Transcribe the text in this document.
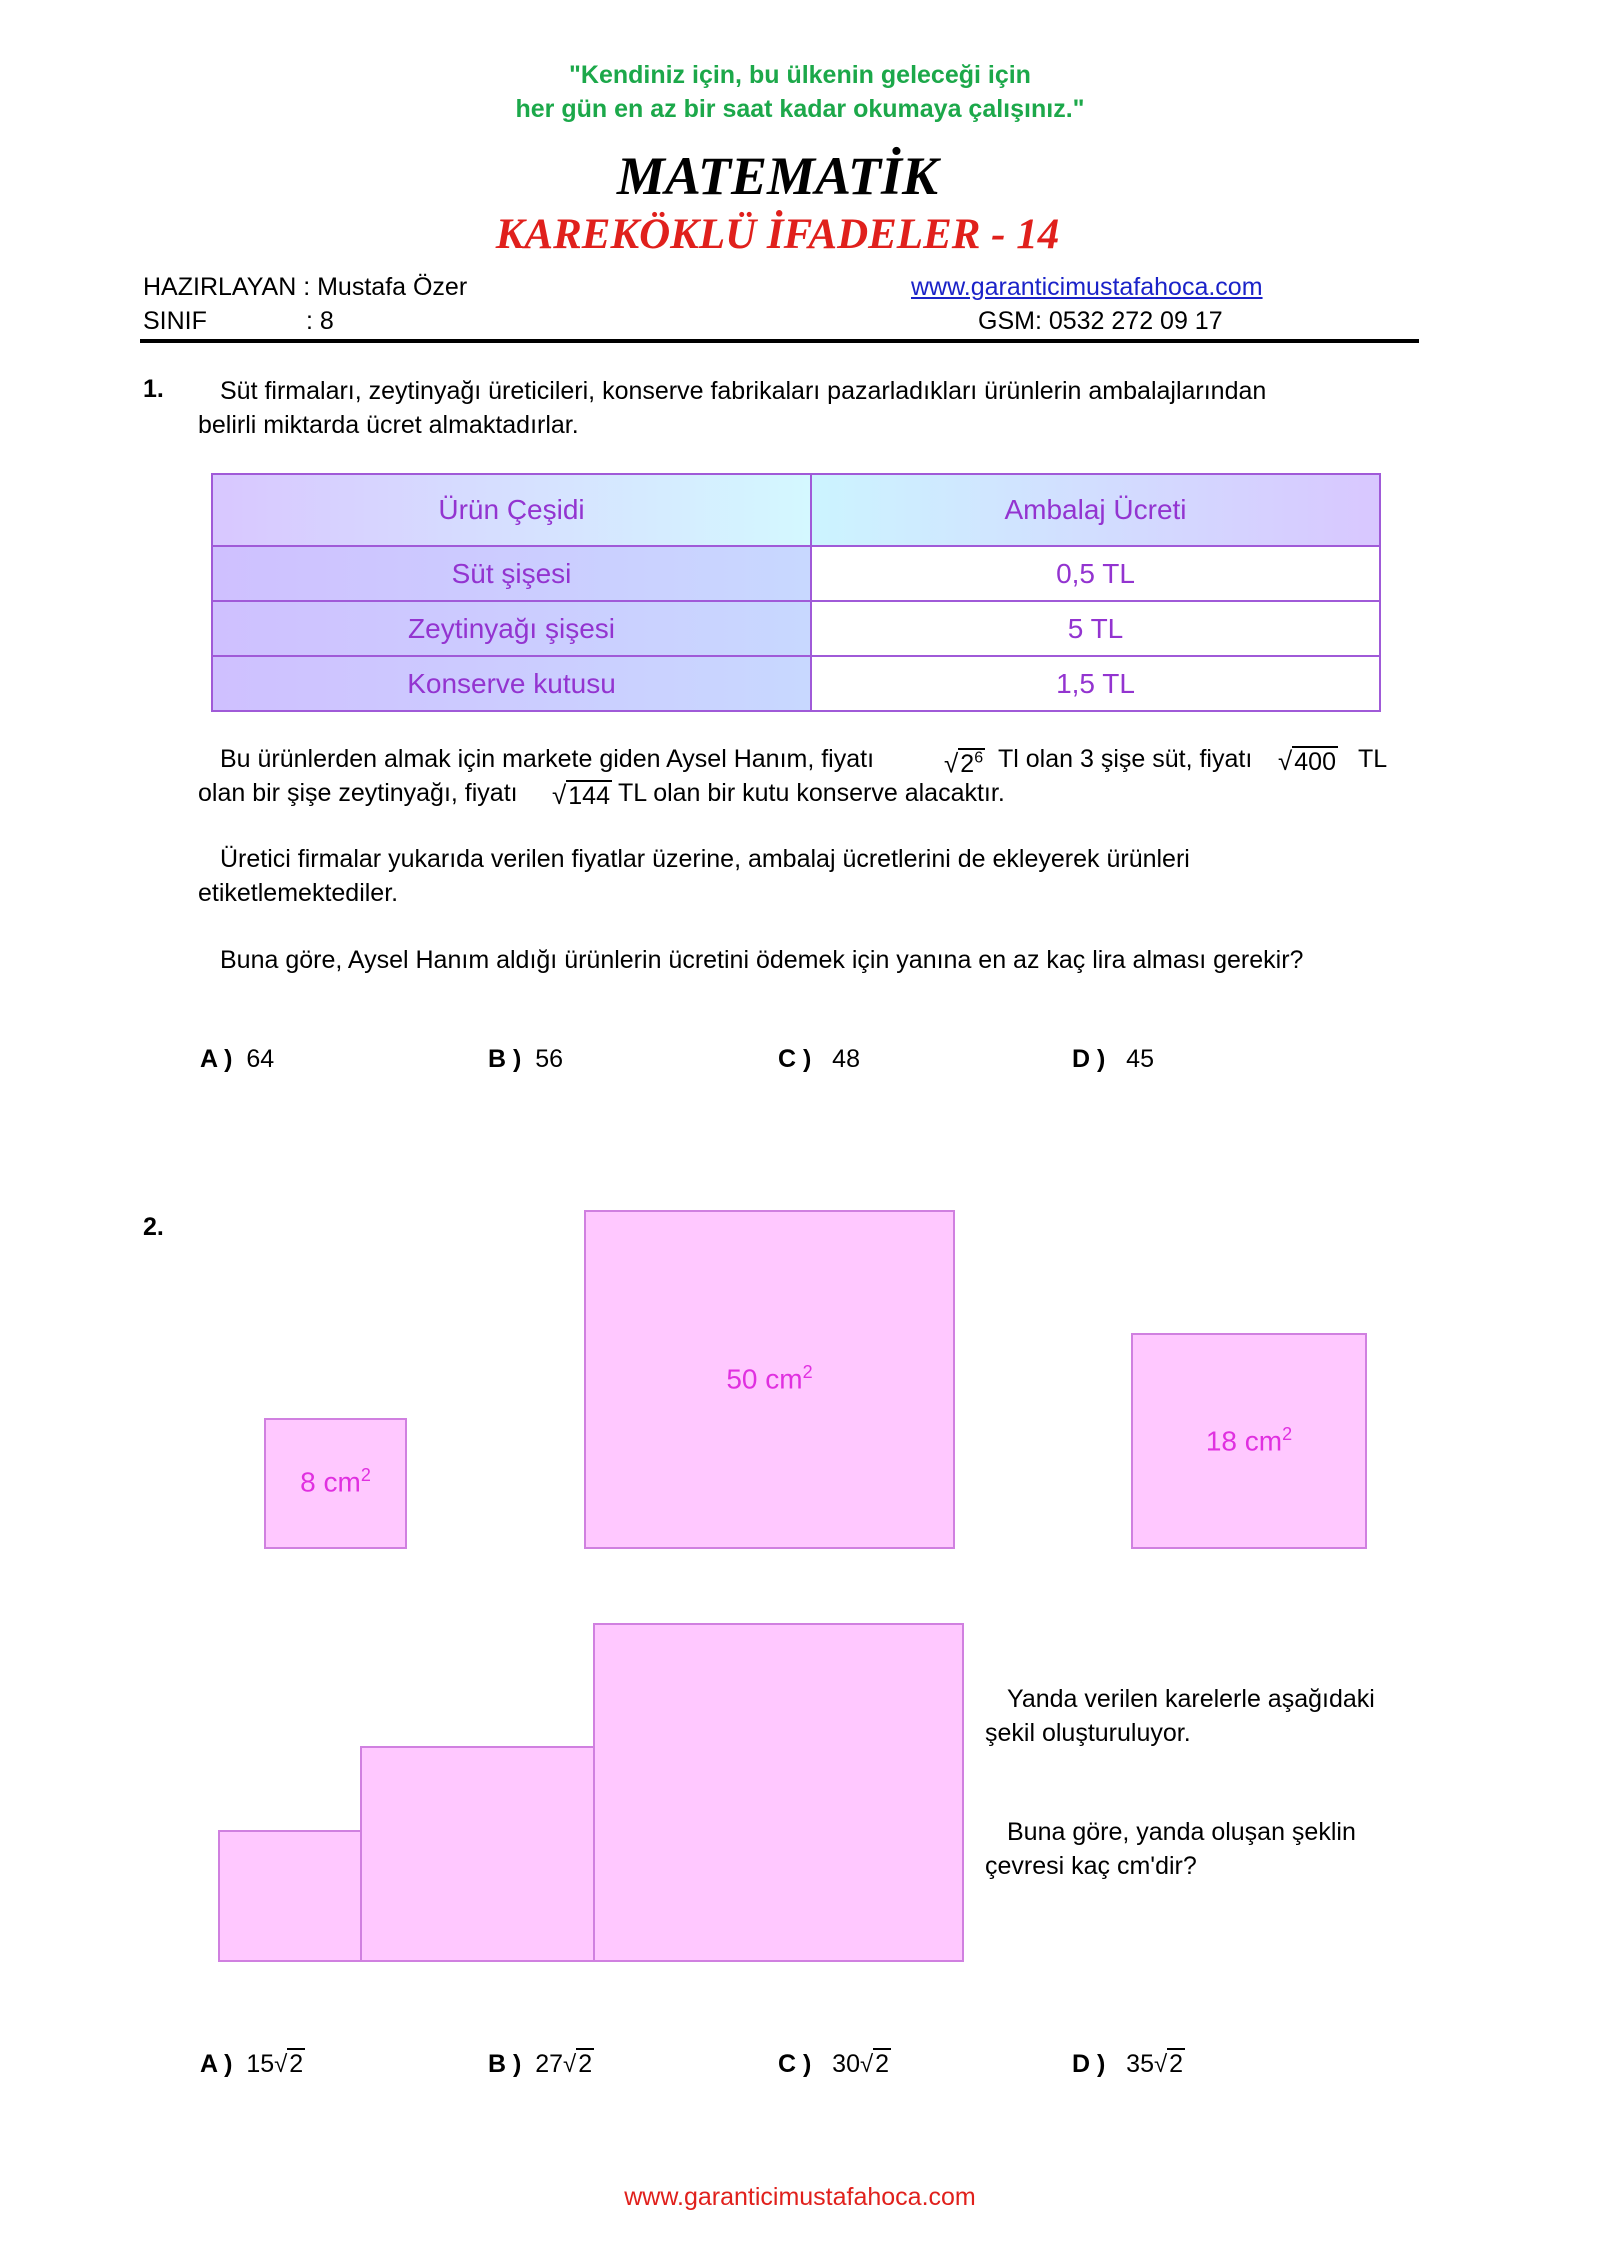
"Kendiniz için, bu ülkenin geleceği için
her gün en az bir saat kadar okumaya çalışınız."
MATEMATİK
KAREKÖKLÜ İFADELER - 14
HAZIRLAYAN : Mustafa Özer
SINIF	: 8
www.garanticimustafahoca.com
GSM: 0532 272 09 17
1. Süt firmaları, zeytinyağı üreticileri, konserve fabrikaları pazarladıkları ürünlerin ambalajlarından
belirli miktarda ücret almaktadırlar.
Ürün Çeşidi	Ambalaj Ücreti
Süt şişesi	0,5 TL
Zeytinyağı şişesi	5 TL
Konserve kutusu	1,5 TL
Bu ürünlerden almak için markete giden Aysel Hanım, fiyatı	$√2^6$ Tl olan 3 şişe süt, fiyatı √400 TL
olan bir şişe zeytinyağı, fiyatı √144 TL olan bir kutu konserve alacaktır.
Üretici firmalar yukarıda verilen fiyatlar üzerine, ambalaj ücretlerini de ekleyerek ürünleri
etiketlemektediler.
Buna göre, Aysel Hanım aldığı ürünlerin ücretini ödemek için yanına en az kaç lira alması gerekir?
A ) 64	B ) 56	C ) 48	D ) 45
2.
8 $cm^2$
50 $cm^2$
18 $cm^2$
Yanda verilen karelerle aşağıdaki
şekil oluşturuluyor.
Buna göre, yanda oluşan şeklin
çevresi kaç cm'dir?
A ) 15√2	B ) 27√2	C ) 30√2	D ) 35√2
www.garanticimustafahoca.com
